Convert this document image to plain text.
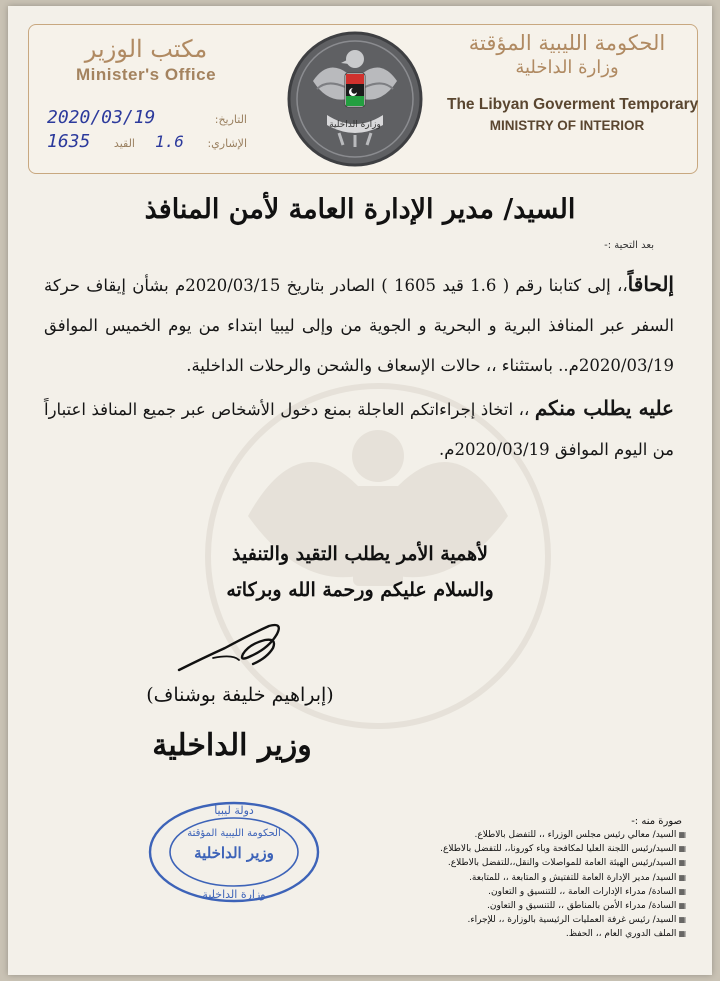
مكتب الوزير
Minister's Office
2020/03/19	التاريخ:
1635 القيد 1.6 الإشاري:
وزارة الداخلية
الحكومة الليبية المؤقتة
وزارة الداخلية
The Libyan Goverment Temporary
MINISTRY OF INTERIOR
السيد/ مدير الإدارة العامة لأمن المنافذ
بعد التحية :-

إلحاقاً،، إلى كتابنا رقم ( 1.6 قيد 1605 ) الصادر بتاريخ 2020/03/15م بشأن إيقاف حركة السفر عبر المنافذ البرية و البحرية و الجوية من وإلى ليبيا ابتداء من يوم الخميس الموافق 2020/03/19م.. باستثناء ،، حالات الإسعاف والشحن والرحلات الداخلية.

عليه يطلب منكم ،، اتخاذ إجراءاتكم العاجلة بمنع دخول الأشخاص عبر جميع المنافذ اعتباراً من اليوم الموافق 2020/03/19م.

لأهمية الأمر يطلب التقيد والتنفيذ
والسلام عليكم ورحمة الله وبركاته
(إبراهيم خليفة بوشناف)
وزير الداخلية
دولة ليبيا
الحكومة الليبية المؤقتة
وزير الداخلية
وزارة الداخلية
صورة منه :-
▦ السيد/ معالي رئيس مجلس الوزراء ،، للتفضل بالاطلاع.
▦ السيد/رئيس اللجنة العليا لمكافحة وباء كورونا،، للتفضل بالاطلاع.
▦ السيد/رئيس الهيئة العامة للمواصلات والنقل،،للتفضل بالاطلاع.
▦ السيد/ مدير الإدارة العامة للتفتيش و المتابعة ،، للمتابعة.
▦ السادة/ مدراء الإدارات العامة ،، للتنسيق و التعاون.
▦ السادة/ مدراء الأمن بالمناطق ،، للتنسيق و التعاون.
▦ السيد/ رئيس غرفة العمليات الرئيسية بالوزارة ،، للإجراء.
▦ الملف الدوري العام ،، الحفظ.
